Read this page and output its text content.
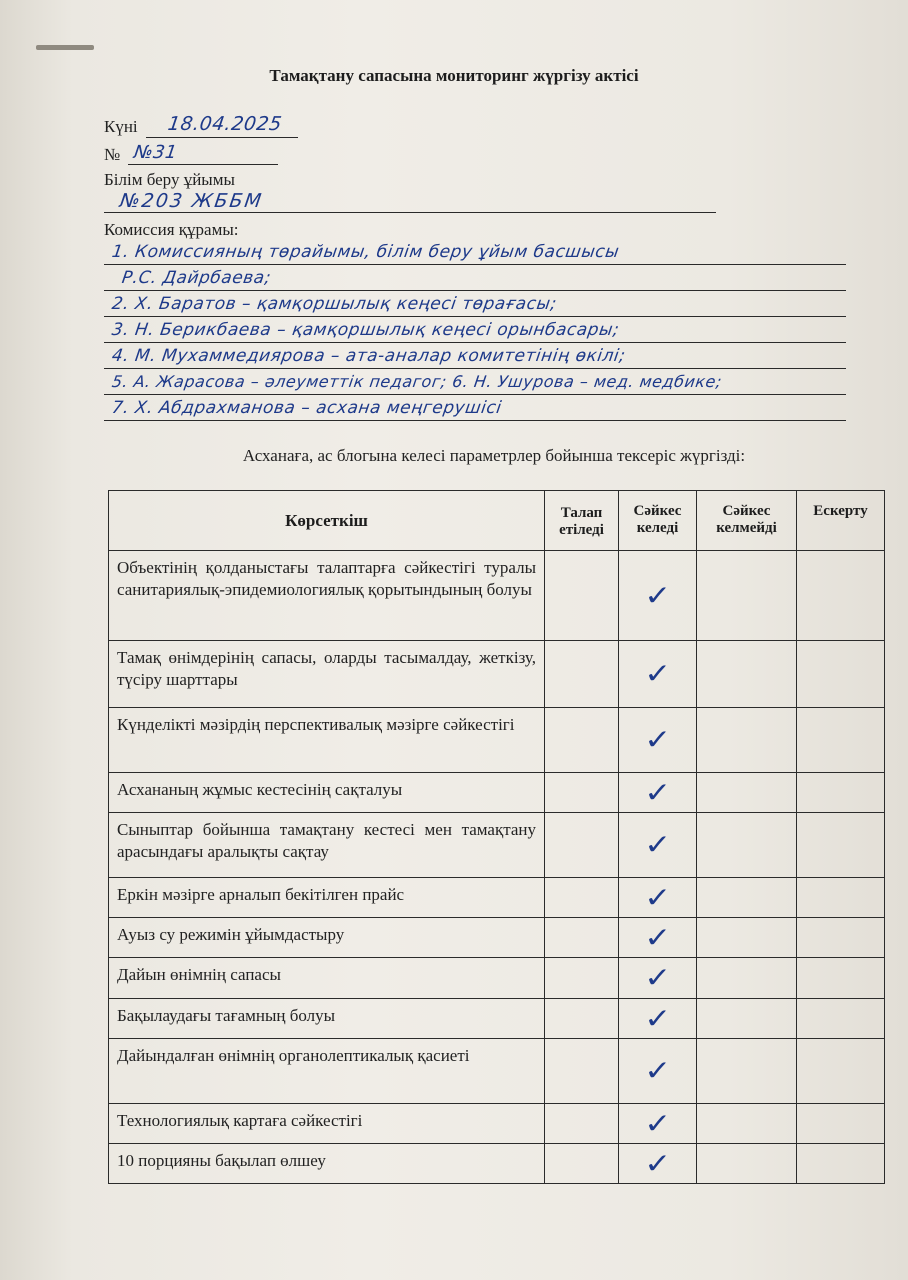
Тамақтану сапасына мониторинг жүргізу актісі
Күні 18.04.2025
№ №31
Білім беру ұйымы
№203 ЖББМ
Комиссия құрамы:
1. Комиссияның төрайымы, білім беру ұйым басшысы
Р.С. Дайрбаева;
2. Х. Баратов – қамқоршылық кеңесі төрағасы;
3. Н. Берикбаева – қамқоршылық кеңесі орынбасары;
4. М. Мухаммедиярова – ата-аналар комитетінің өкілі;
5. А. Жарасова – әлеуметтік педагог; 6. Н. Ушурова – мед. медбике;
7. Х. Абдрахманова – асхана меңгерушісі
Асханаға, ас блогына келесі параметрлер бойынша тексеріс жүргізді:
Көрсеткіш	Талап етіледі	Сәйкес келеді	Сәйкес келмейді	Ескерту
Объектінің қолданыстағы талаптарға сәйкестігі туралы санитариялық-эпидемиологиялық қорытындының болуы		✓		
Тамақ өнімдерінің сапасы, оларды тасымалдау, жеткізу, түсіру шарттары		✓		
Күнделікті мәзірдің перспективалық мәзірге сәйкестігі		✓		
Асхананың жұмыс кестесінің сақталуы		✓		
Сыныптар бойынша тамақтану кестесі мен тамақтану арасындағы аралықты сақтау		✓		
Еркін мәзірге арналып бекітілген прайс		✓		
Ауыз су режимін ұйымдастыру		✓		
Дайын өнімнің сапасы		✓		
Бақылаудағы тағамның болуы		✓		
Дайындалған өнімнің органолептикалық қасиеті		✓		
Технологиялық картаға сәйкестігі		✓		
10 порцияны бақылап өлшеу		✓		
